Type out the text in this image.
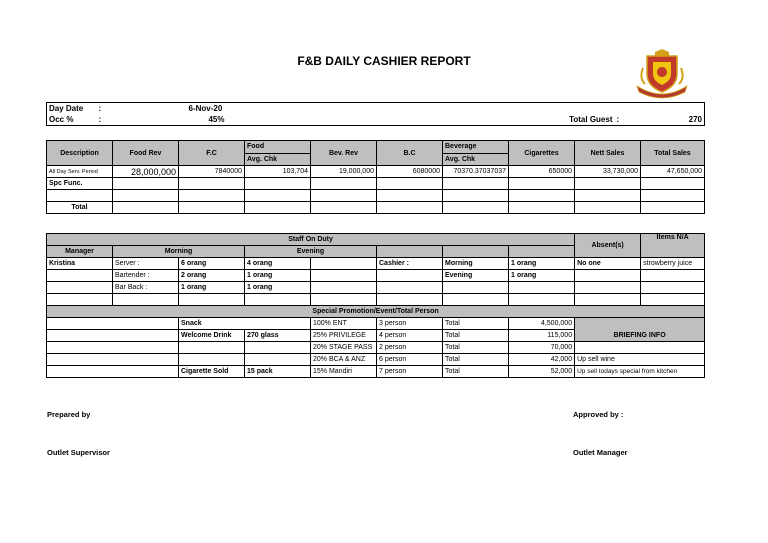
F&B DAILY CASHIER REPORT
Day Date	:	6-Nov-20			
Occ %	:	45%	Total Guest	:	270
Description	Food Rev	F.C	Food	Bev. Rev	B.C	Beverage	Cigarettes	Nett Sales	Total Sales
			Avg. Chk			Avg. Chk			
All Day Serv. Period	28,000,000	7840000	103,704	19,000,000	6080000	70370.37037037	650000	33,730,000	47,650,000
Spc Func.									

Total									
Staff On Duty								Absent(s)	Items N/A
Manager	Morning		Evening						
Kristina	Server :	6 orang	4 orang		Cashier :	Morning	1 orang	No one	strowberry juice
	Bartender :	2 orang	1 orang			Evening	1 orang		
	Bar Back :	1 orang	1 orang						

Special Promotion/Event/Total Person									
		Snack		100% ENT	3 person	Total	4,500,000		
		Welcome Drink	270 glass	25% PRIVILEGE	4 person	Total	115,000	BRIEFING INFO	
				20% STAGE PASS	2 person	Total	70,000		
				20% BCA & ANZ	6 person	Total	42,000	Up sell wine	
		Cigarette Sold	15 pack	15% Mandiri	7 person	Total	52,000	Up sell todays special from kitchen	
Prepared by	Approved by :
Outlet Supervisor	Outlet Manager
